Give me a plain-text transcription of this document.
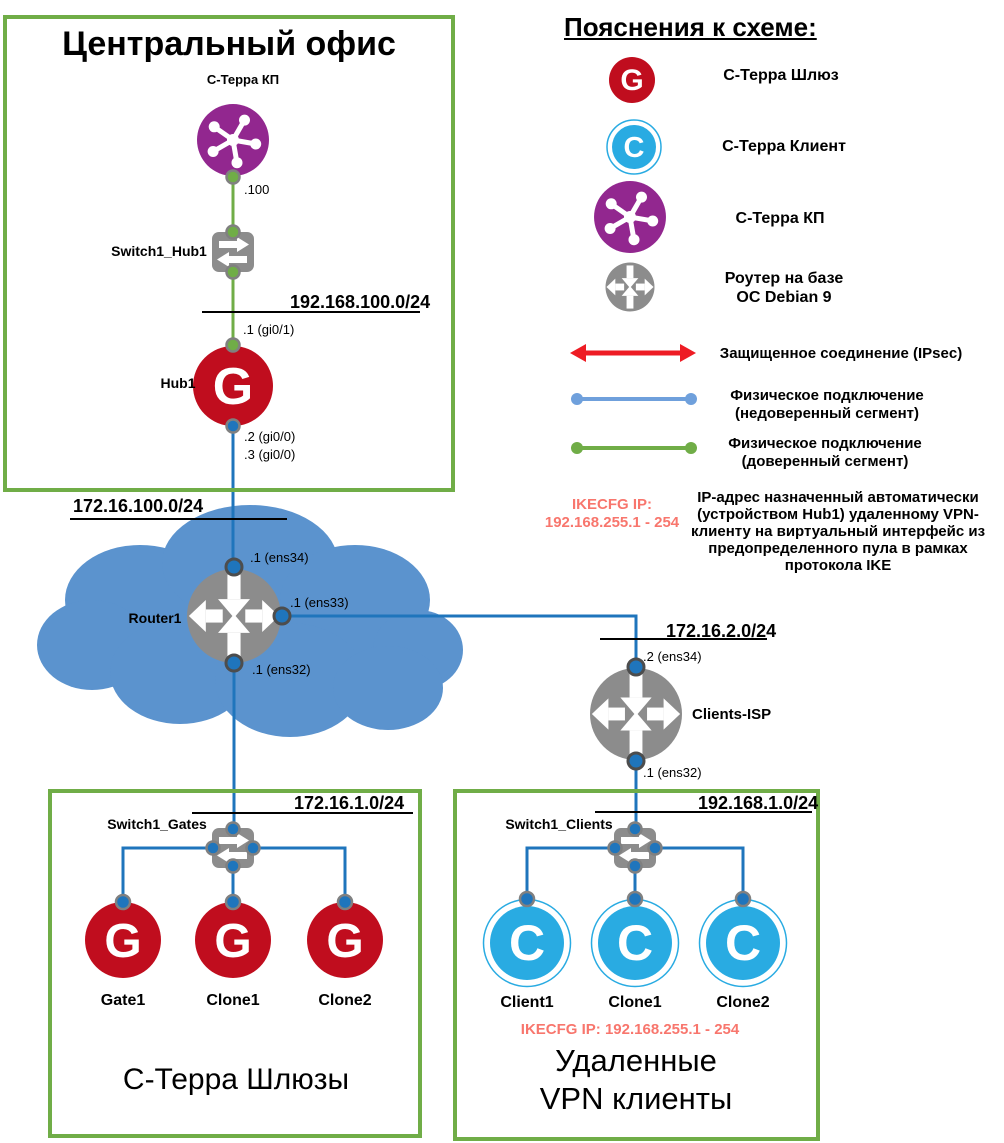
G
G G G	C C C
G
C
Центральный офис
С-Терра КП
.100
Switch1_Hub1
192.168.100.0/24
.1 (gi0/1)
Hub1
.2 (gi0/0)
.3 (gi0/0)
172.16.100.0/24
Router1
.1 (ens34)
.1 (ens33)
.1 (ens32)
172.16.2.0/24
.2 (ens34)
Clients-ISP
.1 (ens32)
172.16.1.0/24
Switch1_Gates
Gate1	Clone1	Clone2
С-Терра Шлюзы
192.168.1.0/24
Switch1_Clients
Client1	Clone1	Clone2
IKECFG IP: 192.168.255.1 - 254
Удаленные
VPN клиенты
Пояснения к схеме:
С-Терра Шлюз
С-Терра Клиент
С-Терра КП
Роутер на базе
ОС Debian 9
Защищенное соединение (IPsec)
Физическое подключение
(недоверенный сегмент)
Физическое подключение
(доверенный сегмент)
IKECFG IP:
192.168.255.1 - 254
IP-адрес назначенный автоматически (устройством Hub1) удаленному VPN-клиенту на виртуальный интерфейс из предопределенного пула в рамках протокола IKE
